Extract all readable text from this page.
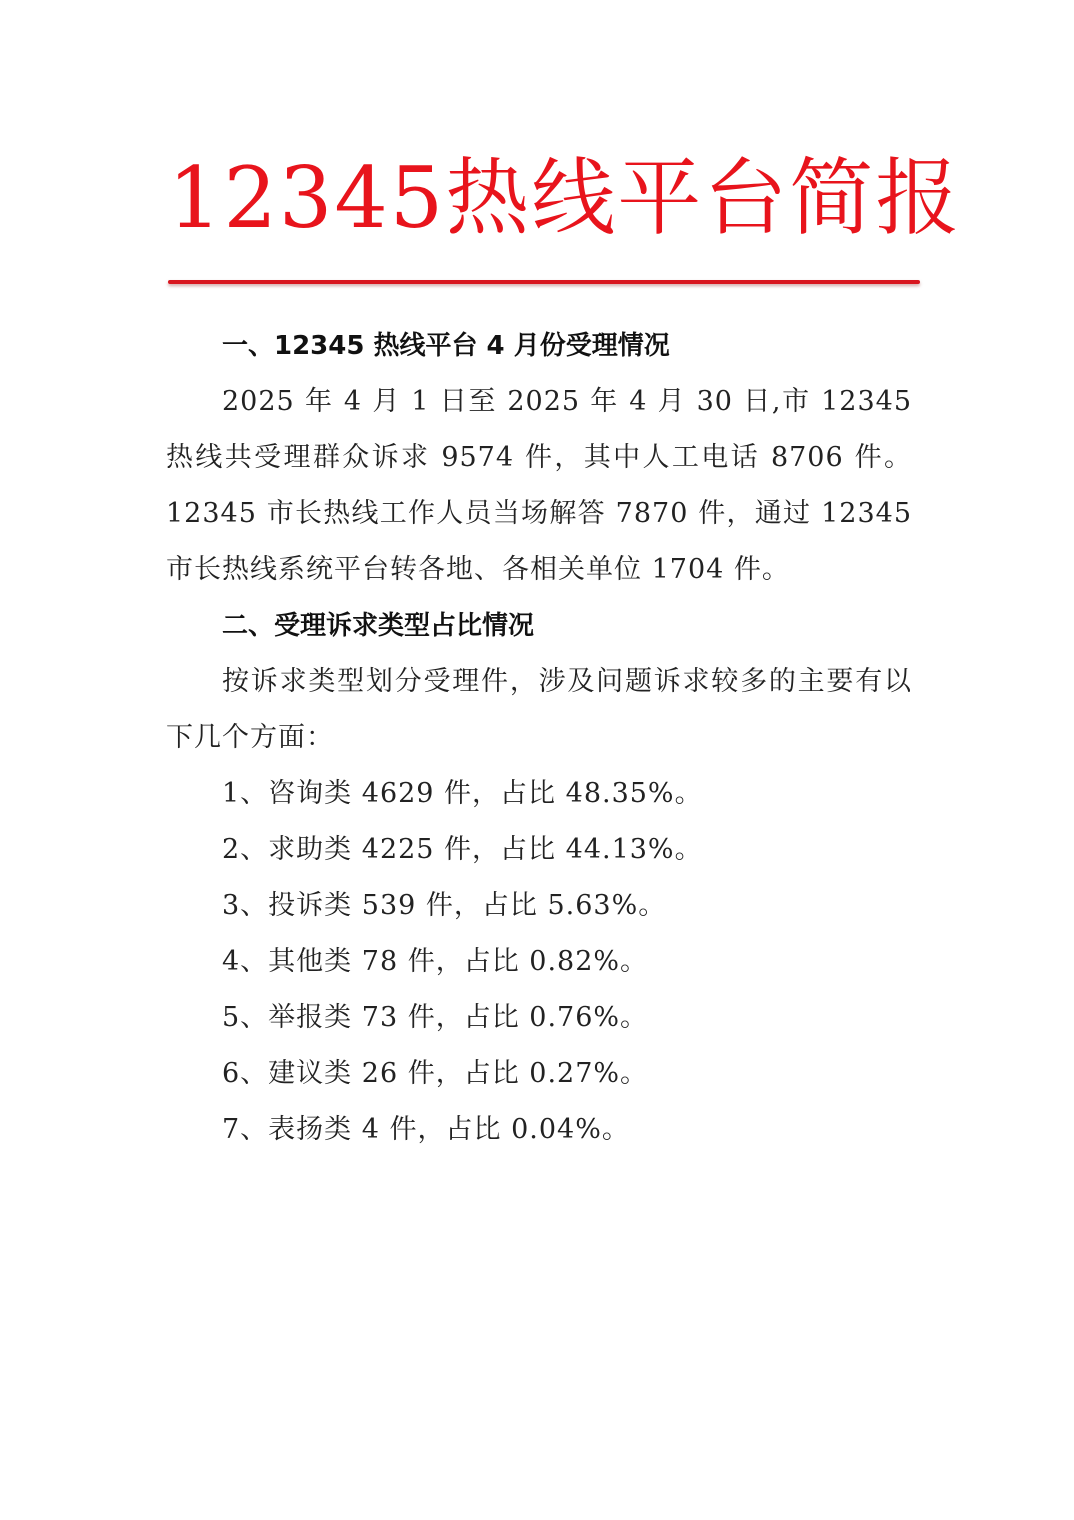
12345热线平台简报
一、12345 热线平台 4 月份受理情况

2025 年 4 月 1 日至 2025 年 4 月 30 日,市 12345 热线共受理群众诉求 9574 件，其中人工电话 8706 件。12345 市长热线工作人员当场解答 7870 件，通过 12345 市长热线系统平台转各地、各相关单位 1704 件。

二、受理诉求类型占比情况

按诉求类型划分受理件，涉及问题诉求较多的主要有以下几个方面：

1、咨询类 4629 件，占比 48.35%。
2、求助类 4225 件，占比 44.13%。
3、投诉类 539 件，占比 5.63%。
4、其他类 78 件，占比 0.82%。
5、举报类 73 件，占比 0.76%。
6、建议类 26 件，占比 0.27%。
7、表扬类 4 件，占比 0.04%。
